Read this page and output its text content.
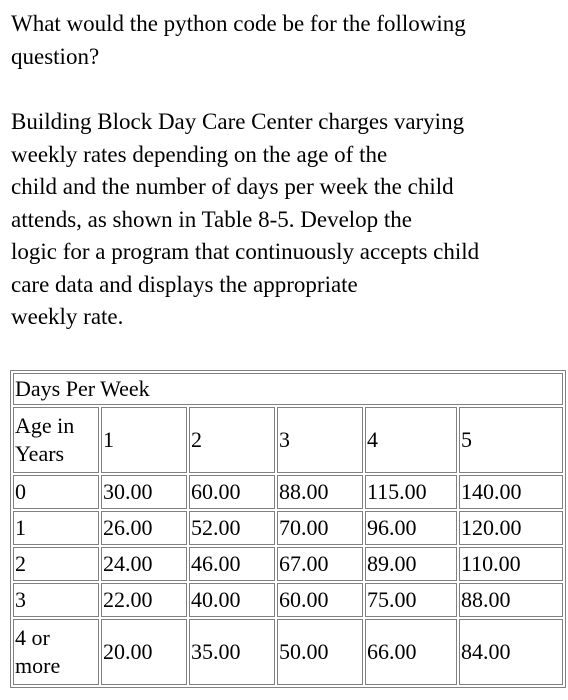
What would the python code be for the following
question?

Building Block Day Care Center charges varying
weekly rates depending on the age of the
child and the number of days per week the child
attends, as shown in Table 8-5. Develop the
logic for a program that continuously accepts child
care data and displays the appropriate
weekly rate.

Days Per Week					
Age in
Years	1	2	3	4	5
0	30.00	60.00	88.00	115.00	140.00
1	26.00	52.00	70.00	96.00	120.00
2	24.00	46.00	67.00	89.00	110.00
3	22.00	40.00	60.00	75.00	88.00
4 or
more	20.00	35.00	50.00	66.00	84.00
